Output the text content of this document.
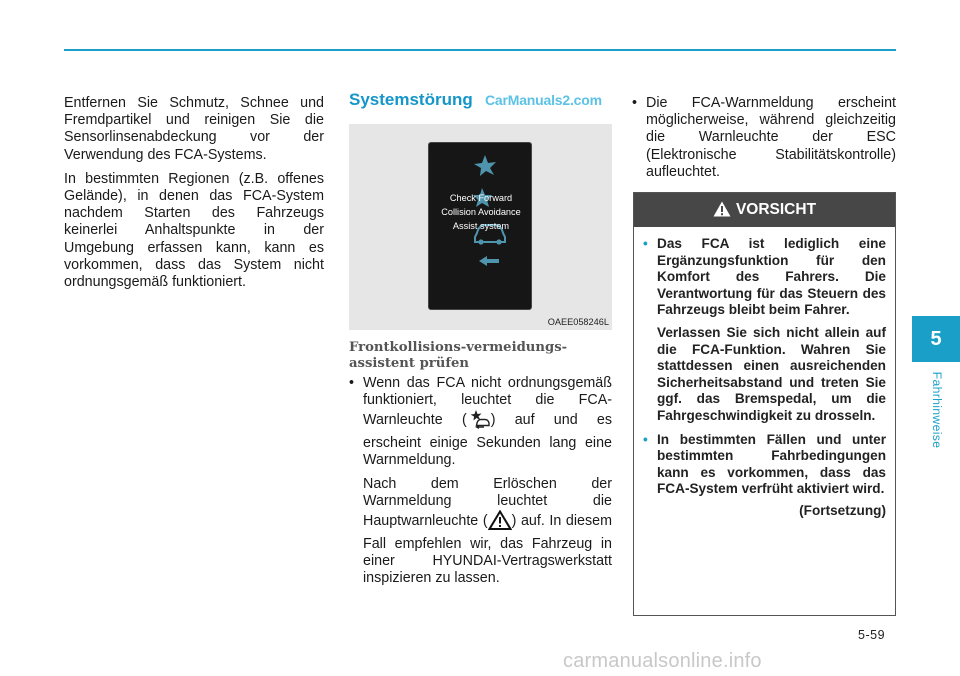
Entfernen Sie Schmutz, Schnee und Fremdpartikel und reinigen Sie die Sensorlinsenabdeckung vor der Verwendung des FCA-Systems.

In bestimmten Regionen (z.B. offenes Gelände), in denen das FCA-System nachdem Starten des Fahrzeugs keinerlei Anhaltspunkte in der Umgebung erfassen kann, kann es vorkommen, dass das System nicht ordnungsgemäß funktioniert.

Systemstörung CarManuals2.com
Check Forward
Collision Avoidance
Assist system
OAEE058246L
Frontkollisions-vermeidungs-assistent prüfen
• Wenn das FCA nicht ordnungsgemäß funktioniert, leuchtet die FCA-Warnleuchte ( ) auf und es erscheint einige Sekunden lang eine Warnmeldung.
Nach dem Erlöschen der Warnmeldung leuchtet die Hauptwarnleuchte ( ) auf. In diesem Fall empfehlen wir, das Fahrzeug in einer HYUNDAI-Vertragswerkstatt inspizieren zu lassen.
• Die FCA-Warnmeldung erscheint möglicherweise, während gleichzeitig die Warnleuchte der ESC (Elektronische Stabilitätskontrolle) aufleuchtet.
VORSICHT
• Das FCA ist lediglich eine Ergänzungsfunktion für den Komfort des Fahrers. Die Verantwortung für das Steuern des Fahrzeugs bleibt beim Fahrer.
Verlassen Sie sich nicht allein auf die FCA-Funktion. Wahren Sie stattdessen einen ausreichenden Sicherheitsabstand und treten Sie ggf. das Bremspedal, um die Fahrgeschwindigkeit zu drosseln.
• In bestimmten Fällen und unter bestimmten Fahrbedingungen kann es vorkommen, dass das FCA-System verfrüht aktiviert wird.
(Fortsetzung)
5
Fahrhinweise
5-59
carmanualsonline.info
